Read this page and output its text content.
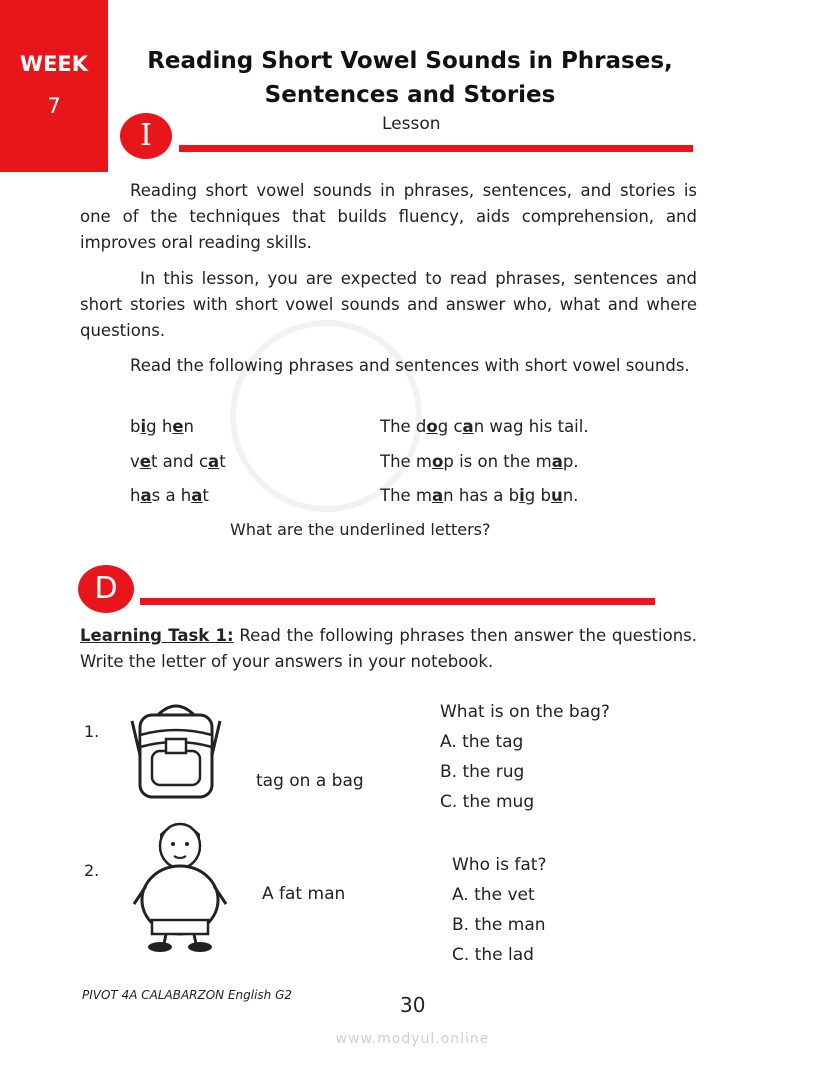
WEEK
7
Reading Short Vowel Sounds in Phrases,
Sentences and Stories
I	Lesson
Reading short vowel sounds in phrases, sentences, and stories is one of the techniques that builds fluency, aids comprehension, and improves oral reading skills.
In this lesson, you are expected to read phrases, sentences and short stories with short vowel sounds and answer who, what and where questions.
Read the following phrases and sentences with short vowel sounds.
big hen
vet and cat
has a hat
The dog can wag his tail.
The mop is on the map.
The man has a big bun.
What are the underlined letters?
D
Learning Task 1: Read the following phrases then answer the questions. Write the letter of your answers in your notebook.
1.
tag on a bag
What is on the bag?
A. the tag
B. the rug
C. the mug
2.
A fat man
Who is fat?
A. the vet
B. the man
C. the lad
PIVOT 4A CALABARZON English G2	30
www.modyul.online
